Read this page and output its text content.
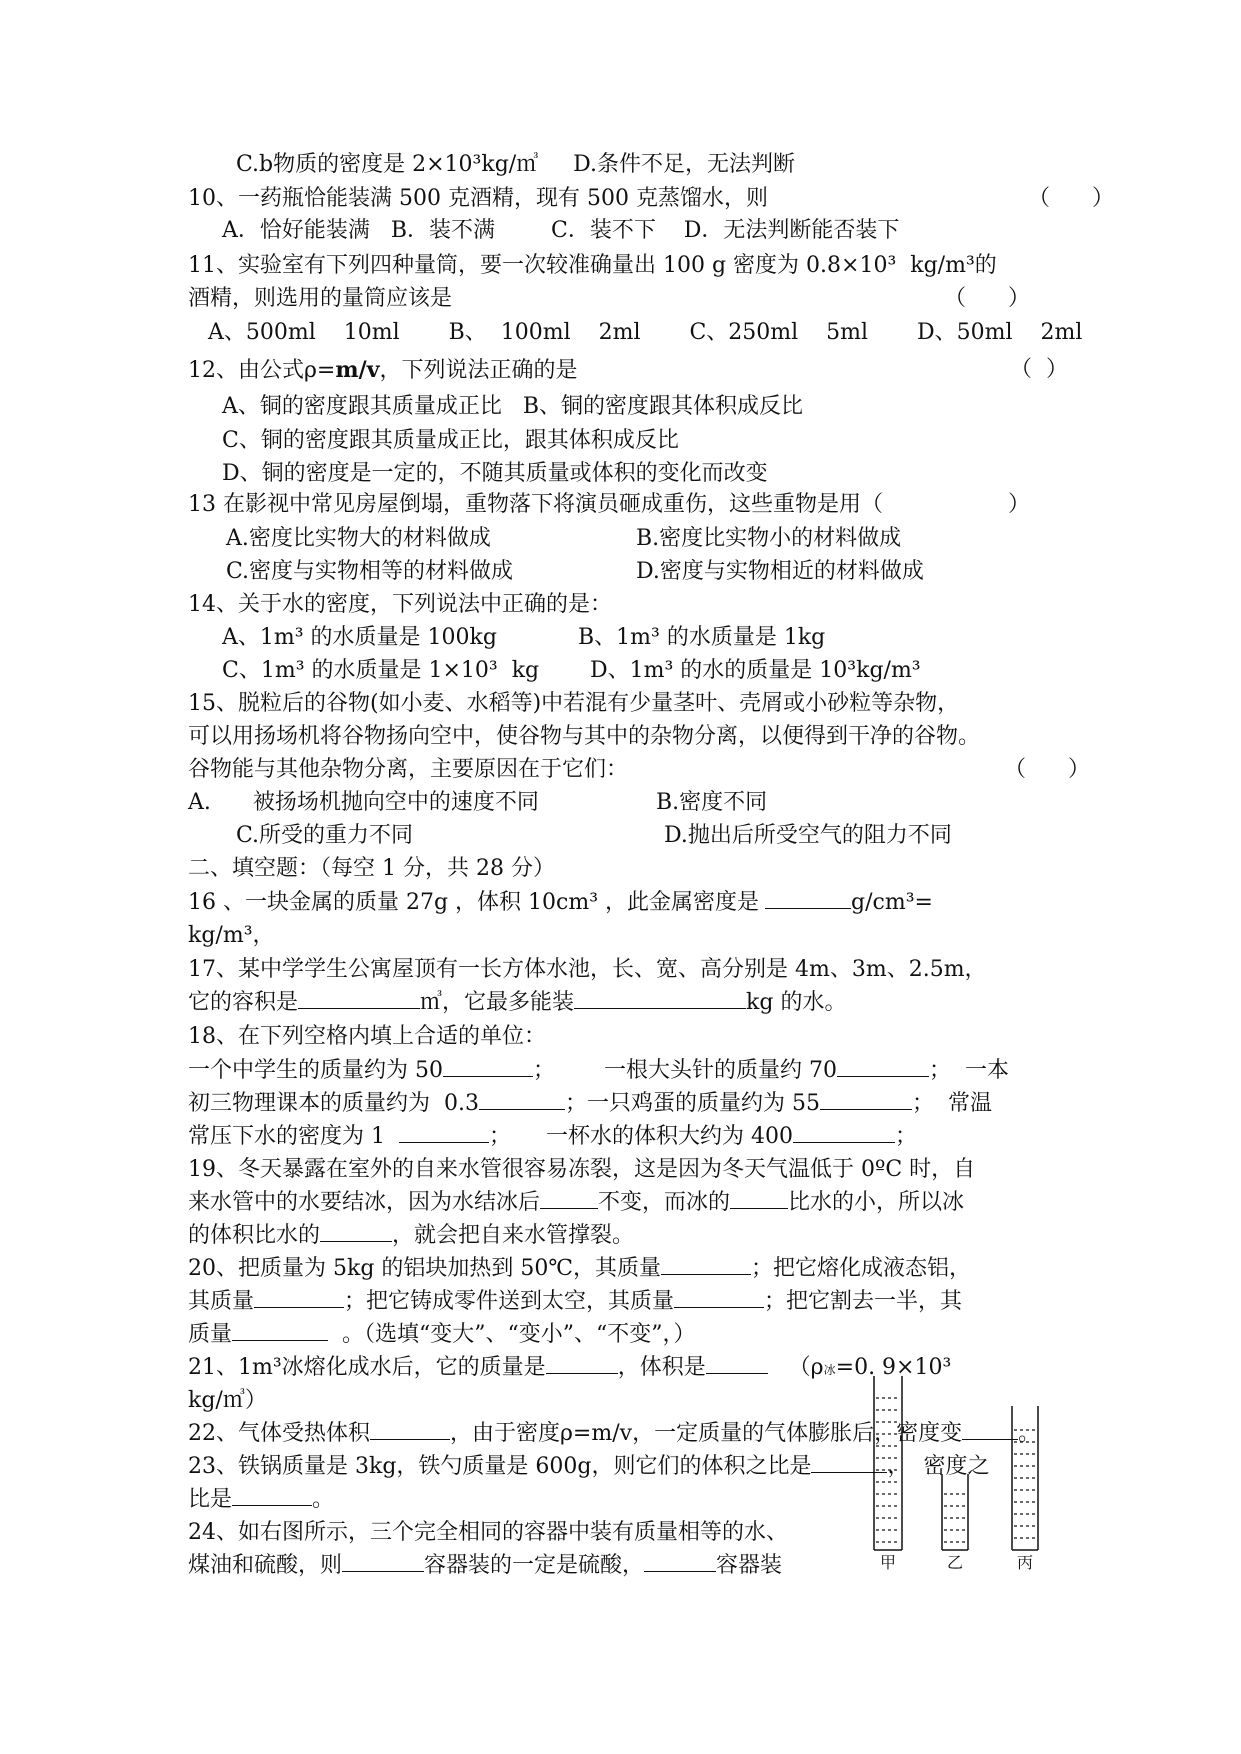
C.b物质的密度是 2×10³kg/㎥     D.条件不足，无法判断
10、一药瓶恰能装满 500 克酒精，现有 500 克蒸馏水，则	（      ）
A．恰好能装满   B．装不满        C．装不下    D．无法判断能否装下
11、实验室有下列四种量筒，要一次较准确量出 100 g 密度为 0.8×10³  kg/m³的
酒精，则选用的量筒应该是	（      ）
A、500ml    10ml       B、  100ml    2ml       C、250ml    5ml       D、50ml    2ml
12、由公式ρ=m/v，下列说法正确的是	（  ）
A、铜的密度跟其质量成正比   B、铜的密度跟其体积成反比
C、铜的密度跟其质量成正比，跟其体积成反比
D、铜的密度是一定的，不随其质量或体积的变化而改变
13 在影视中常见房屋倒塌，重物落下将演员砸成重伤，这些重物是用（	）
A.密度比实物大的材料做成	B.密度比实物小的材料做成
C.密度与实物相等的材料做成	D.密度与实物相近的材料做成
14、关于水的密度，下列说法中正确的是：
A、1m³ 的水质量是 100kg	B、1m³ 的水质量是 1kg
C、1m³ 的水质量是 1×10³  kg D、1m³ 的水的质量是 10³kg/m³
15、脱粒后的谷物(如小麦、水稻等)中若混有少量茎叶、壳屑或小砂粒等杂物，
可以用扬场机将谷物扬向空中，使谷物与其中的杂物分离，以便得到干净的谷物。
谷物能与其他杂物分离，主要原因在于它们：	（      ）
A.      被扬场机抛向空中的速度不同	B.密度不同
C.所受的重力不同	D.抛出后所受空气的阻力不同
二、填空题：（每空 1 分，共 28 分）
16 、一块金属的质量 27g ，体积 10cm³ ，此金属密度是	g/cm³=
kg/m³，
17、某中学学生公寓屋顶有一长方体水池，长、宽、高分别是 4m、3m、2.5m，
它的容积是	㎥，它最多能装	kg 的水。
18、在下列空格内填上合适的单位：
一个中学生的质量约为 50	；       一根大头针的质量约 70	；  一本
初三物理课本的质量约为  0.3	；一只鸡蛋的质量约为 55	；  常温
常压下水的密度为 1	；     一杯水的体积大约为 400	；
19、冬天暴露在室外的自来水管很容易冻裂，这是因为冬天气温低于 0ºC 时，自
来水管中的水要结冰，因为水结冰后	不变，而冰的	比水的小，所以冰
的体积比水的	，就会把自来水管撑裂。
20、把质量为 5kg 的铝块加热到 50℃，其质量	；把它熔化成液态铝，
其质量	；把它铸成零件送到太空，其质量	；把它割去一半，其
质量	。（选填“变大”、“变小”、“不变”，）
21、1m³冰熔化成水后，它的质量是	，体积是	（ρ冰=0. 9×10³
kg/㎥）
22、气体受热体积	，由于密度ρ=m/v，一定质量的气体膨胀后，密度变	。
23、铁锅质量是 3kg，铁勺质量是 600g，则它们的体积之比是	，  密度之
比是	。
24、如右图所示，三个完全相同的容器中装有质量相等的水、
煤油和硫酸，则	容器装的一定是硫酸，	容器装	甲	乙	丙
